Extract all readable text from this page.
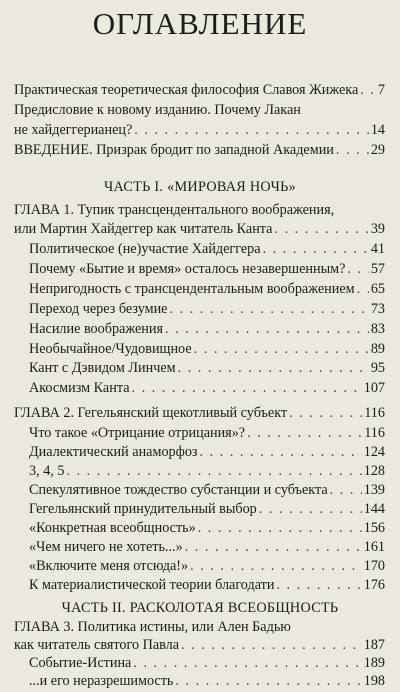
ОГЛАВЛЕНИЕ
Практическая теоретическая философия Славоя Жижека . . . 7
Предисловие к новому изданию. Почему Лакан
не хайдеггерианец? . . .	14
ВВЕДЕНИЕ. Призрак бродит по западной Академии . . .	29
ЧАСТЬ I. «МИРОВАЯ НОЧЬ»
ГЛАВА 1. Тупик трансцендентального воображения,
или Мартин Хайдеггер как читатель Канта . . .	39
Политическое (не)участие Хайдеггера . . .	41
Почему «Бытие и время» осталось незавершенным? . . . 57
Непригодность с трансцендентальным воображением . . . 65
Переход через безумие . . .	73
Насилие воображения . . .	83
Необычайное/Чудовищное . . .	89
Кант с Дэвидом Линчем . . .	95
Акосмизм Канта . . .	107
ГЛАВА 2. Гегельянский щекотливый субъект . . .	116
Что такое «Отрицание отрицания»? . . .	116
Диалектический анаморфоз . . .	124
3, 4, 5 . . .	128
Спекулятивное тождество субстанции и субъекта . . .	139
Гегельянский принудительный выбор . . .	144
«Конкретная всеобщность» . . .	156
«Чем ничего не хотеть...» . . .	161
«Включите меня отсюда!» . . .	170
К материалистической теории благодати . . .	176
ЧАСТЬ II. РАСКОЛОТАЯ ВСЕОБЩНОСТЬ
ГЛАВА 3. Политика истины, или Ален Бадью
как читатель святого Павла . . .	187
Событие-Истина . . .	189
...и его неразрешимость . . .	198
